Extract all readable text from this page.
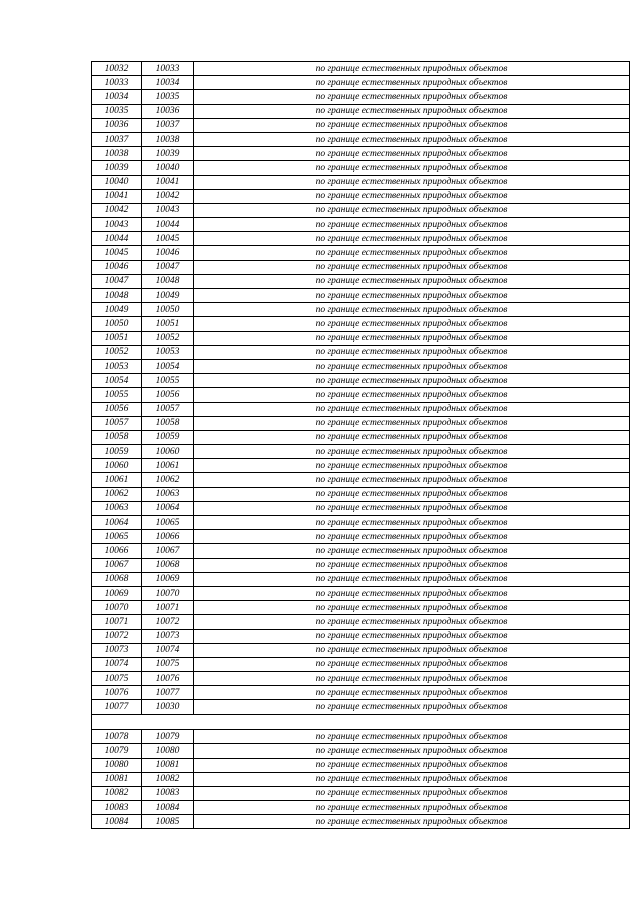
10032	10033	по границе естественных природных объектов
10033	10034	по границе естественных природных объектов
10034	10035	по границе естественных природных объектов
10035	10036	по границе естественных природных объектов
10036	10037	по границе естественных природных объектов
10037	10038	по границе естественных природных объектов
10038	10039	по границе естественных природных объектов
10039	10040	по границе естественных природных объектов
10040	10041	по границе естественных природных объектов
10041	10042	по границе естественных природных объектов
10042	10043	по границе естественных природных объектов
10043	10044	по границе естественных природных объектов
10044	10045	по границе естественных природных объектов
10045	10046	по границе естественных природных объектов
10046	10047	по границе естественных природных объектов
10047	10048	по границе естественных природных объектов
10048	10049	по границе естественных природных объектов
10049	10050	по границе естественных природных объектов
10050	10051	по границе естественных природных объектов
10051	10052	по границе естественных природных объектов
10052	10053	по границе естественных природных объектов
10053	10054	по границе естественных природных объектов
10054	10055	по границе естественных природных объектов
10055	10056	по границе естественных природных объектов
10056	10057	по границе естественных природных объектов
10057	10058	по границе естественных природных объектов
10058	10059	по границе естественных природных объектов
10059	10060	по границе естественных природных объектов
10060	10061	по границе естественных природных объектов
10061	10062	по границе естественных природных объектов
10062	10063	по границе естественных природных объектов
10063	10064	по границе естественных природных объектов
10064	10065	по границе естественных природных объектов
10065	10066	по границе естественных природных объектов
10066	10067	по границе естественных природных объектов
10067	10068	по границе естественных природных объектов
10068	10069	по границе естественных природных объектов
10069	10070	по границе естественных природных объектов
10070	10071	по границе естественных природных объектов
10071	10072	по границе естественных природных объектов
10072	10073	по границе естественных природных объектов
10073	10074	по границе естественных природных объектов
10074	10075	по границе естественных природных объектов
10075	10076	по границе естественных природных объектов
10076	10077	по границе естественных природных объектов
10077	10030	по границе естественных природных объектов

10078	10079	по границе естественных природных объектов
10079	10080	по границе естественных природных объектов
10080	10081	по границе естественных природных объектов
10081	10082	по границе естественных природных объектов
10082	10083	по границе естественных природных объектов
10083	10084	по границе естественных природных объектов
10084	10085	по границе естественных природных объектов
